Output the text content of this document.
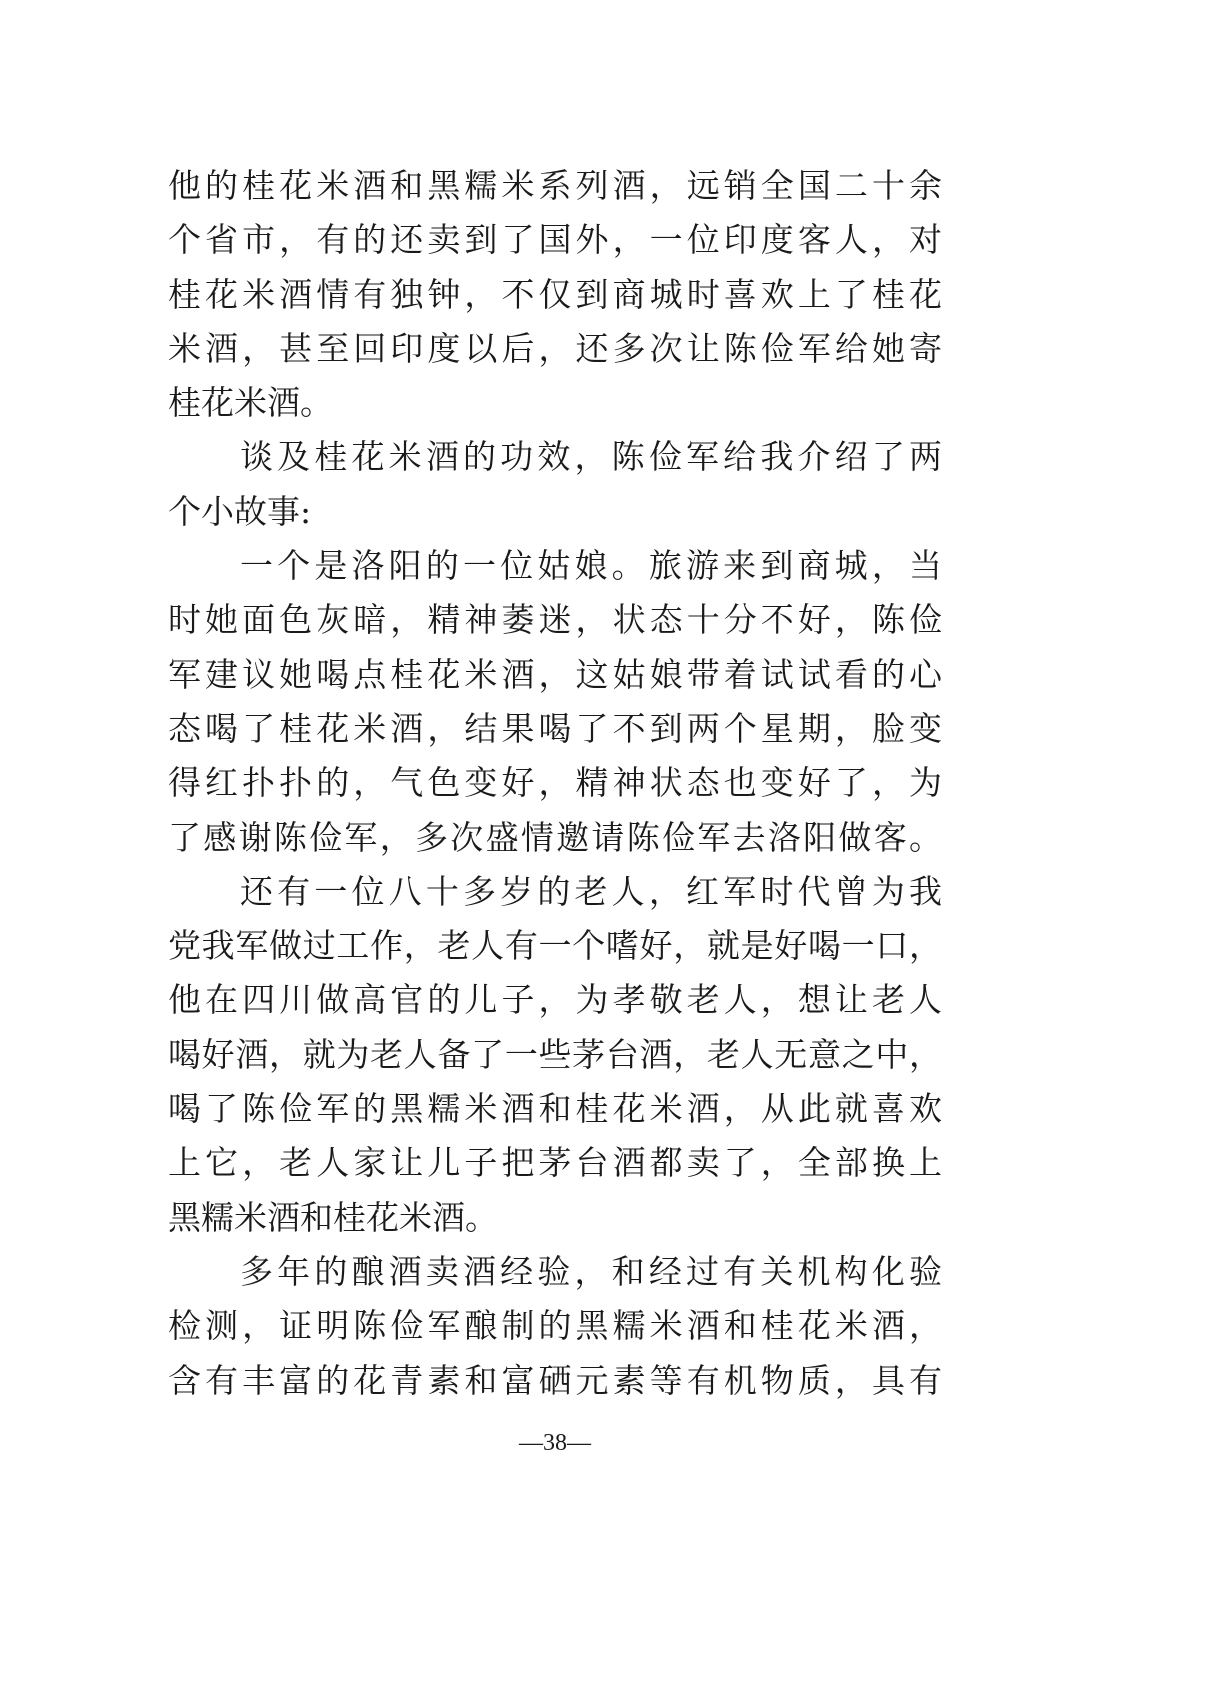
他的桂花米酒和黑糯米系列酒，远销全国二十余
个省市，有的还卖到了国外，一位印度客人，对
桂花米酒情有独钟，不仅到商城时喜欢上了桂花
米酒，甚至回印度以后，还多次让陈俭军给她寄
桂花米酒。
谈及桂花米酒的功效，陈俭军给我介绍了两
个小故事:
一个是洛阳的一位姑娘。旅游来到商城，当
时她面色灰暗，精神萎迷，状态十分不好，陈俭
军建议她喝点桂花米酒，这姑娘带着试试看的心
态喝了桂花米酒，结果喝了不到两个星期，脸变
得红扑扑的，气色变好，精神状态也变好了，为
了感谢陈俭军，多次盛情邀请陈俭军去洛阳做客。
还有一位八十多岁的老人，红军时代曾为我
党我军做过工作，老人有一个嗜好，就是好喝一口，
他在四川做高官的儿子，为孝敬老人，想让老人
喝好酒，就为老人备了一些茅台酒，老人无意之中，
喝了陈俭军的黑糯米酒和桂花米酒，从此就喜欢
上它，老人家让儿子把茅台酒都卖了，全部换上
黑糯米酒和桂花米酒。
多年的酿酒卖酒经验，和经过有关机构化验
检测，证明陈俭军酿制的黑糯米酒和桂花米酒，
含有丰富的花青素和富硒元素等有机物质，具有
—38—
